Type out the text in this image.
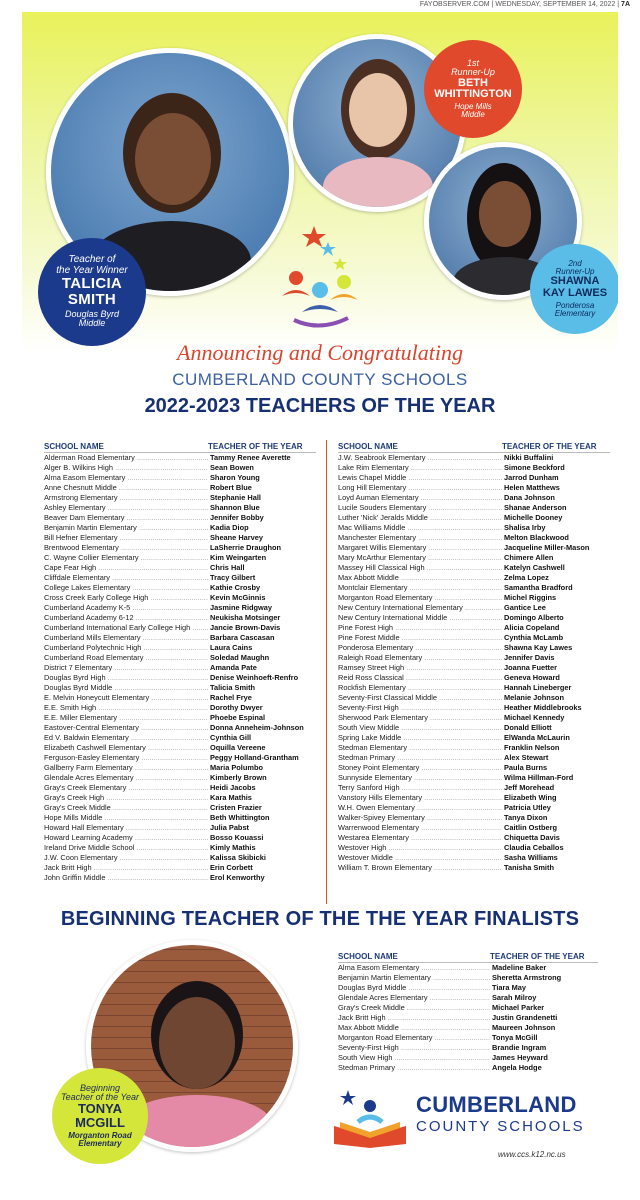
FAYOBSERVER.COM | WEDNESDAY, SEPTEMBER 14, 2022 | 7A
Teacher of
the Year Winner
TALICIA
SMITH
Douglas Byrd
Middle
1st
Runner-Up
BETH
WHITTINGTON
Hope Mills
Middle
2nd
Runner-Up
SHAWNA
KAY LAWES
Ponderosa
Elementary
Announcing and Congratulating
CUMBERLAND COUNTY SCHOOLS
2022-2023 TEACHERS OF THE YEAR
SCHOOL NAME	TEACHER OF THE YEAR
Alderman Road Elementary .....	Tammy Renee Averette
Alger B. Wilkins High .....	Sean Bowen
Alma Easom Elementary .....	Sharon Young
Anne Chesnutt Middle .....	Robert Blue
Armstrong Elementary .....	Stephanie Hall
Ashley Elementary .....	Shannon Blue
Beaver Dam Elementary .....	Jennifer Bobby
Benjamin Martin Elementary .....	Kadia Diop
Bill Hefner Elementary .....	Sheane Harvey
Brentwood Elementary .....	LaSherrie Draughon
C. Wayne Collier Elementary .....	Kim Weingarten
Cape Fear High .....	Chris Hall
Cliffdale Elementary .....	Tracy Gilbert
College Lakes Elementary .....	Kathie Crosby
Cross Creek Early College High .....	Kevin McGinnis
Cumberland Academy K-5 .....	Jasmine Ridgway
Cumberland Academy 6-12 .....	Neukisha Motsinger
Cumberland International Early College High .....	Jancie Brown-Davis
Cumberland Mills Elementary .....	Barbara Cascasan
Cumberland Polytechnic High .....	Laura Cains
Cumberland Road Elementary .....	Soledad Maughn
District 7 Elementary .....	Amanda Pate
Douglas Byrd High .....	Denise Weinhoeft-Renfro
Douglas Byrd Middle .....	Talicia Smith
E. Melvin Honeycutt Elementary .....	Rachel Frye
E.E. Smith High .....	Dorothy Dwyer
E.E. Miller Elementary .....	Phoebe Espinal
Eastover-Central Elementary .....	Donna Anneheim-Johnson
Ed V. Baldwin Elementary .....	Cynthia Gill
Elizabeth Cashwell Elementary .....	Oquilla Vereene
Ferguson-Easley Elementary .....	Peggy Holland-Grantham
Gallberry Farm Elementary .....	Maria Polumbo
Glendale Acres Elementary .....	Kimberly Brown
Gray's Creek Elementary .....	Heidi Jacobs
Gray's Creek High .....	Kara Mathis
Gray's Creek Middle .....	Cristen Frazier
Hope Mills Middle .....	Beth Whittington
Howard Hall Elementary .....	Julia Pabst
Howard Learning Academy .....	Bosso Kouassi
Ireland Drive Middle School .....	Kimly Mathis
J.W. Coon Elementary .....	Kalissa Skibicki
Jack Britt High .....	Erin Corbett
John Griffin Middle .....	Erol Kenworthy
SCHOOL NAME	TEACHER OF THE YEAR
J.W. Seabrook Elementary .....	Nikki Buffalini
Lake Rim Elementary .....	Simone Beckford
Lewis Chapel Middle .....	Jarrod Dunham
Long Hill Elementary .....	Helen Matthews
Loyd Auman Elementary .....	Dana Johnson
Lucile Souders Elementary .....	Shanae Anderson
Luther 'Nick' Jeralds Middle .....	Michelle Dooney
Mac Williams Middle .....	Shalisa Irby
Manchester Elementary .....	Melton Blackwood
Margaret Willis Elementary .....	Jacqueline Miller-Mason
Mary McArthur Elementary .....	Chimere Allen
Massey Hill Classical High .....	Katelyn Cashwell
Max Abbott Middle .....	Zelma Lopez
Montclair Elementary .....	Samantha Bradford
Morganton Road Elementary .....	Michel Riggins
New Century International Elementary .....	Gantice Lee
New Century International Middle .....	Domingo Alberto
Pine Forest High .....	Alicia Copeland
Pine Forest Middle .....	Cynthia McLamb
Ponderosa Elementary .....	Shawna Kay Lawes
Raleigh Road Elementary .....	Jennifer Davis
Ramsey Street High .....	Joanna Fuetter
Reid Ross Classical .....	Geneva Howard
Rockfish Elementary .....	Hannah Lineberger
Seventy-First Classical Middle .....	Melanie Johnson
Seventy-First High .....	Heather Middlebrooks
Sherwood Park Elementary .....	Michael Kennedy
South View Middle .....	Donald Elliott
Spring Lake Middle .....	ElWanda McLaurin
Stedman Elementary .....	Franklin Nelson
Stedman Primary .....	Alex Stewart
Stoney Point Elementary .....	Paula Burns
Sunnyside Elementary .....	Wilma Hillman-Ford
Terry Sanford High .....	Jeff Morehead
Vanstory Hills Elementary .....	Elizabeth Wing
W.H. Owen Elementary .....	Patricia Utley
Walker-Spivey Elementary .....	Tanya Dixon
Warrenwood Elementary .....	Caitlin Ostberg
Westarea Elementary .....	Chiquetta Davis
Westover High .....	Claudia Ceballos
Westover Middle .....	Sasha Williams
William T. Brown Elementary .....	Tanisha Smith
BEGINNING TEACHER OF THE THE YEAR FINALISTS
Beginning
Teacher of the Year
TONYA
MCGILL
Morganton Road
Elementary
SCHOOL NAME	TEACHER OF THE YEAR
Alma Easom Elementary .....	Madeline Baker
Benjamin Martin Elementary .....	Sheretta Armstrong
Douglas Byrd Middle .....	Tiara May
Glendale Acres Elementary .....	Sarah Milroy
Gray's Creek Middle .....	Michael Parker
Jack Britt High .....	Justin Grandenetti
Max Abbott Middle .....	Maureen Johnson
Morganton Road Elementary .....	Tonya McGill
Seventy-First High .....	Brandie Ingram
South View High .....	James Heyward
Stedman Primary .....	Angela Hodge
CUMBERLAND
COUNTY SCHOOLS
www.ccs.k12.nc.us
